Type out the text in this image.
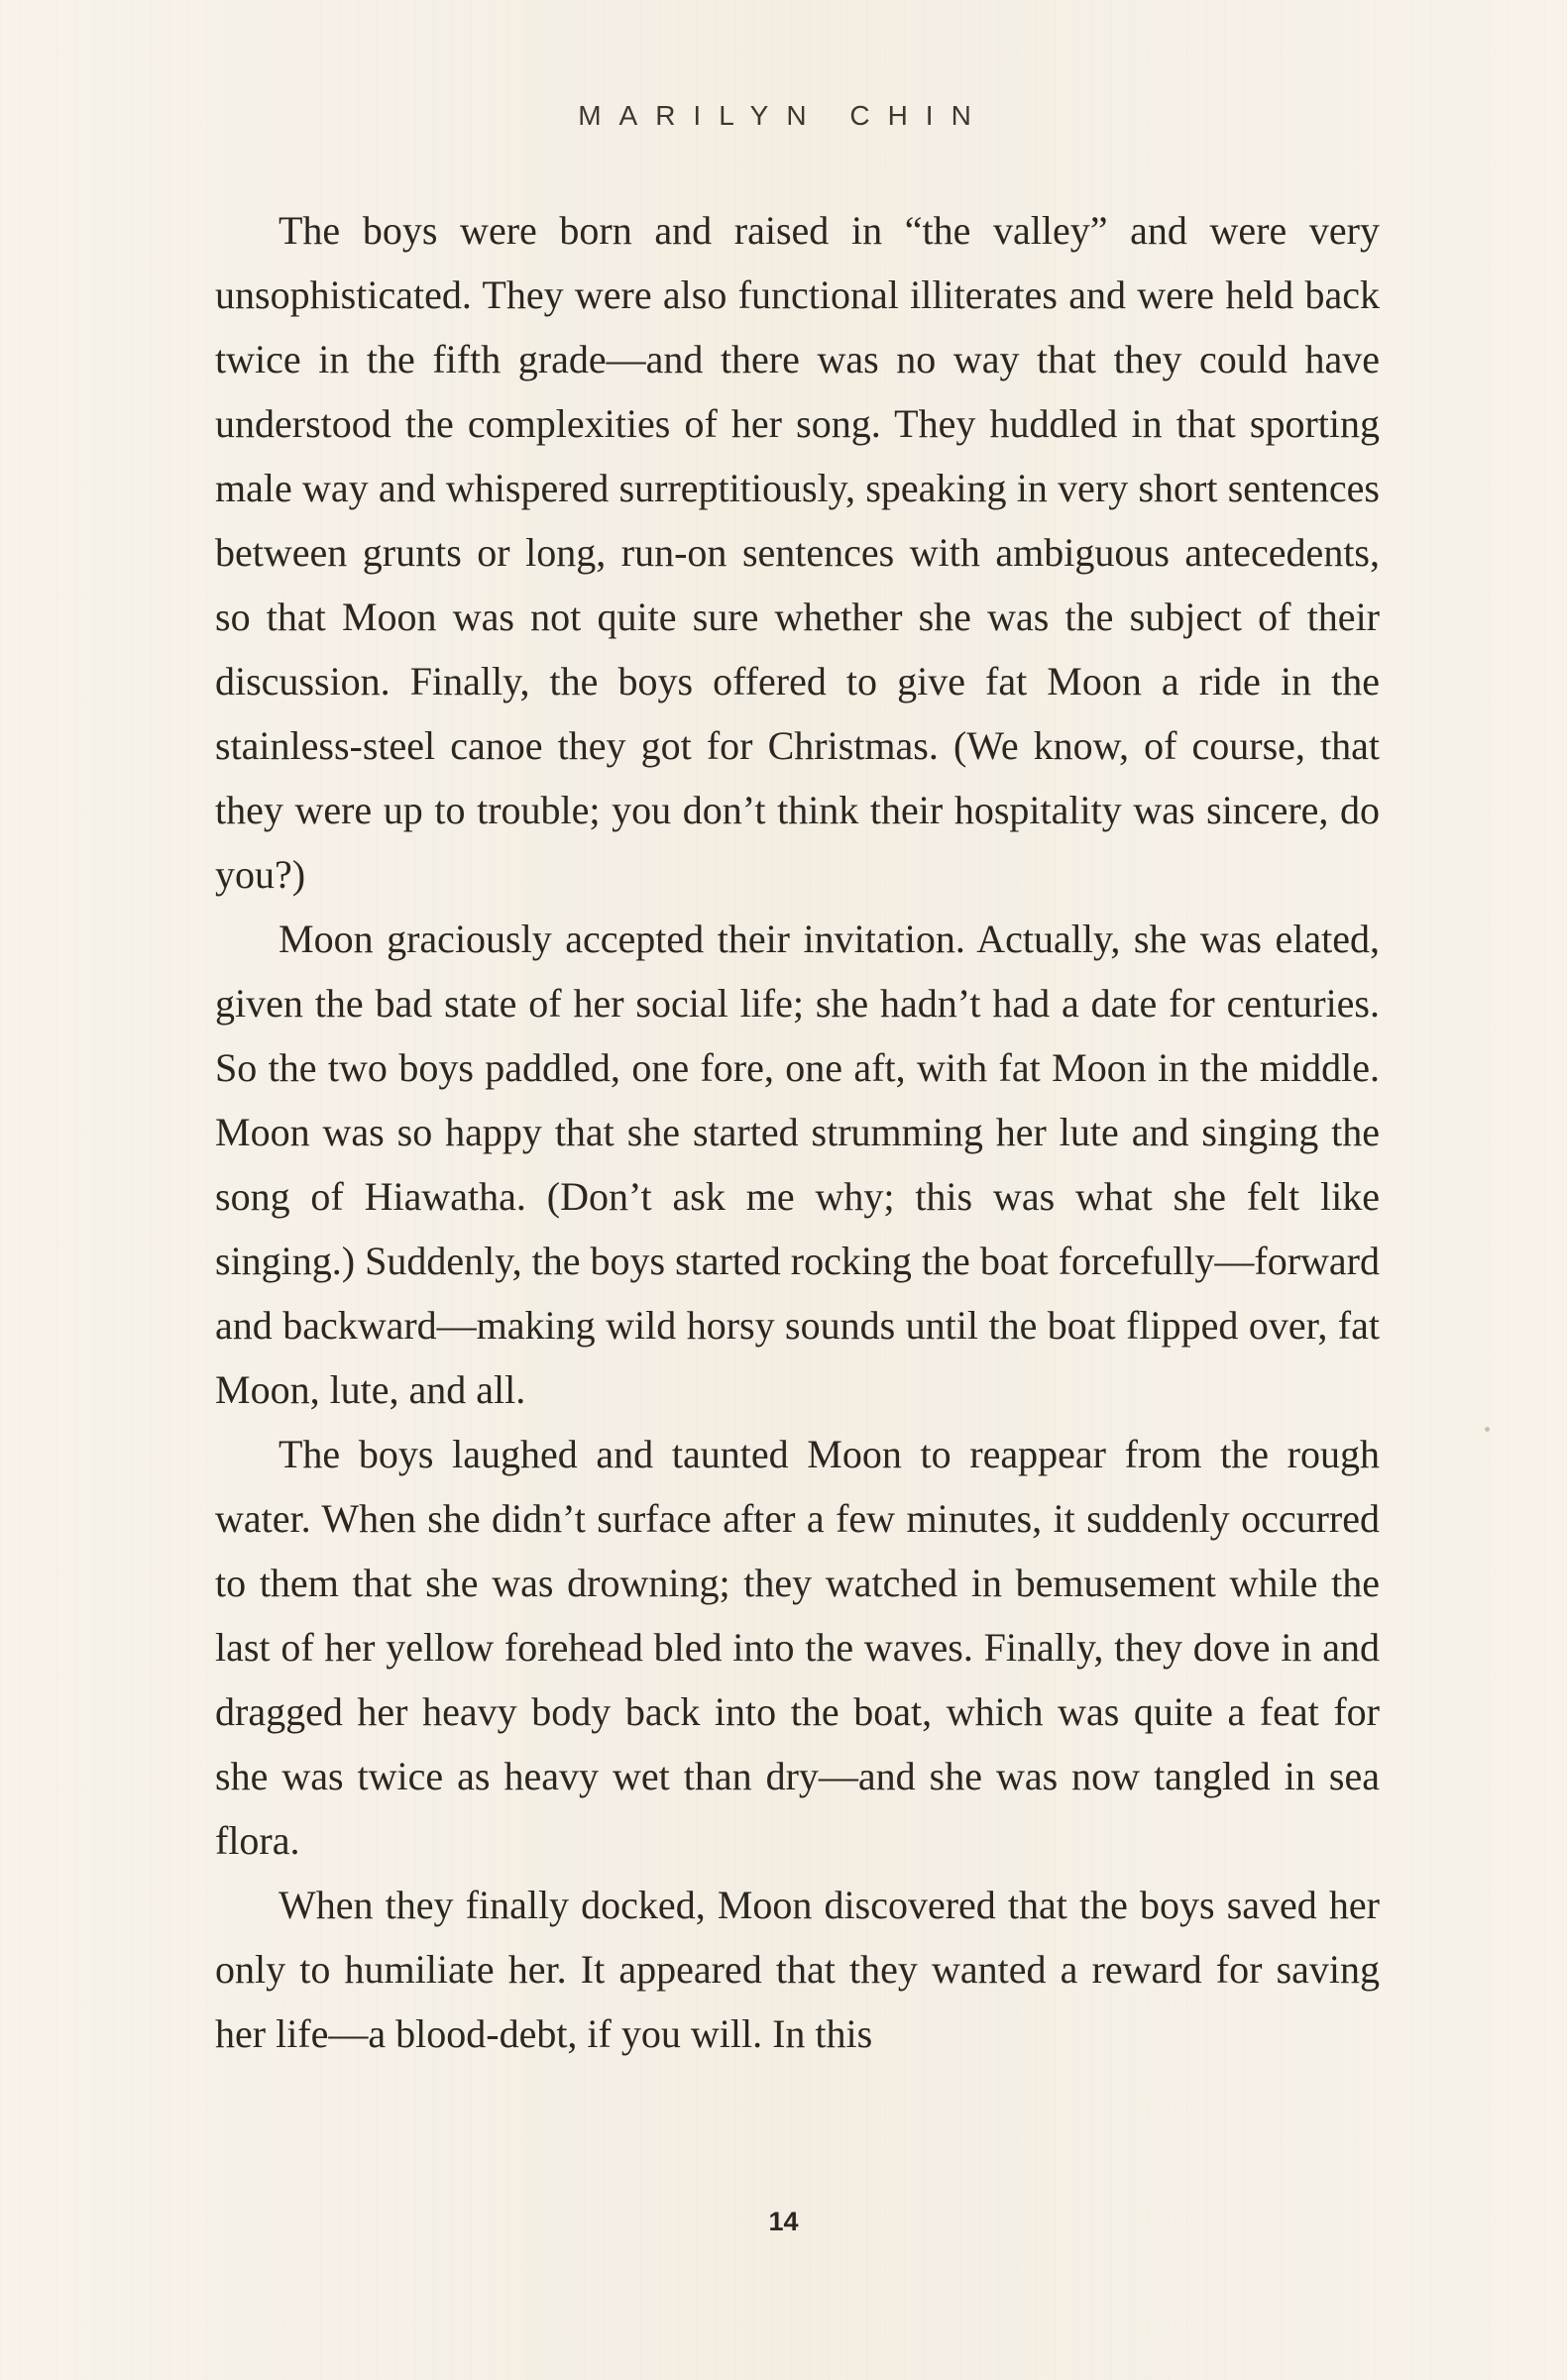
MARILYN CHIN

The boys were born and raised in “the valley” and were very unsophisticated. They were also functional illiterates and were held back twice in the fifth grade—and there was no way that they could have understood the complexities of her song. They huddled in that sporting male way and whispered surreptitiously, speaking in very short sentences between grunts or long, run-on sentences with ambiguous antecedents, so that Moon was not quite sure whether she was the subject of their discussion. Finally, the boys offered to give fat Moon a ride in the stainless-steel canoe they got for Christmas. (We know, of course, that they were up to trouble; you don’t think their hospitality was sincere, do you?)

Moon graciously accepted their invitation. Actually, she was elated, given the bad state of her social life; she hadn’t had a date for centuries. So the two boys paddled, one fore, one aft, with fat Moon in the middle. Moon was so happy that she started strumming her lute and singing the song of Hiawatha. (Don’t ask me why; this was what she felt like singing.) Suddenly, the boys started rocking the boat forcefully—forward and backward—making wild horsy sounds until the boat flipped over, fat Moon, lute, and all.

The boys laughed and taunted Moon to reappear from the rough water. When she didn’t surface after a few minutes, it suddenly occurred to them that she was drowning; they watched in bemusement while the last of her yellow forehead bled into the waves. Finally, they dove in and dragged her heavy body back into the boat, which was quite a feat for she was twice as heavy wet than dry—and she was now tangled in sea flora.

When they finally docked, Moon discovered that the boys saved her only to humiliate her. It appeared that they wanted a reward for saving her life—a blood-debt, if you will. In this

14
